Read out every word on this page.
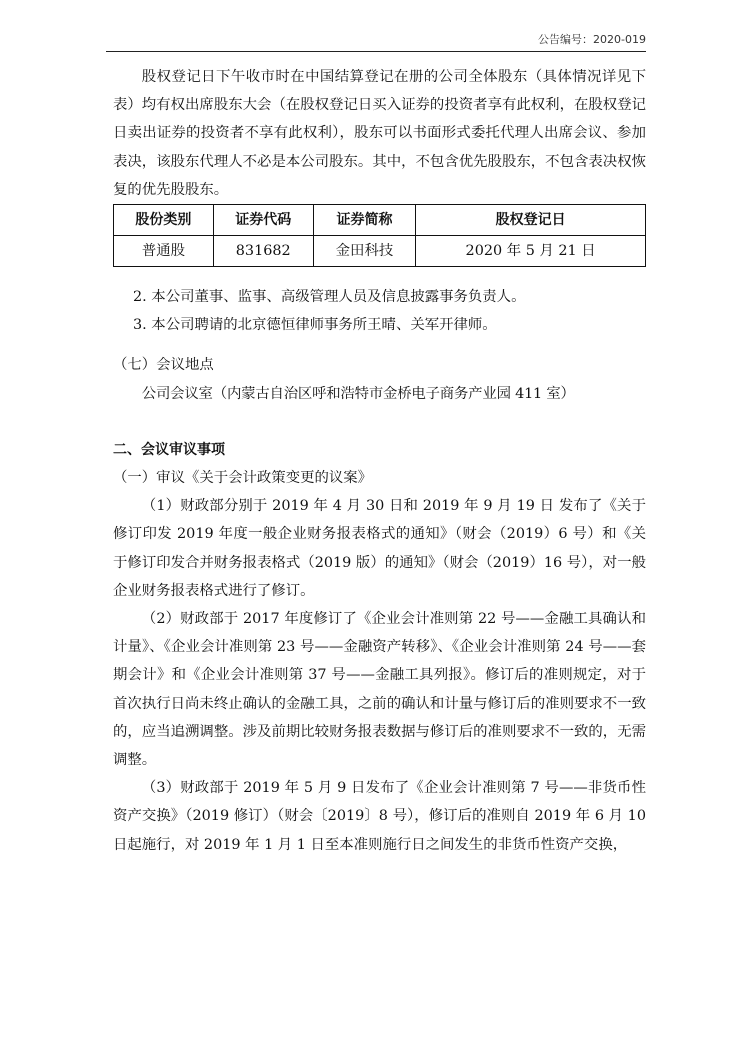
公告编号：2020-019

股权登记日下午收市时在中国结算登记在册的公司全体股东（具体情况详见下表）均有权出席股东大会（在股权登记日买入证券的投资者享有此权利，在股权登记日卖出证券的投资者不享有此权利），股东可以书面形式委托代理人出席会议、参加表决，该股东代理人不必是本公司股东。其中，不包含优先股股东，不包含表决权恢复的优先股股东。

股份类别	证券代码	证券简称	股权登记日
普通股	831682	金田科技	2020 年 5 月 21 日

2. 本公司董事、监事、高级管理人员及信息披露事务负责人。

3. 本公司聘请的北京德恒律师事务所王晴、关军开律师。

（七）会议地点

公司会议室（内蒙古自治区呼和浩特市金桥电子商务产业园 411 室）

二、会议审议事项

（一）审议《关于会计政策变更的议案》

（1）财政部分别于 2019 年 4 月 30 日和 2019 年 9 月 19 日 发布了《关于修订印发 2019 年度一般企业财务报表格式的通知》（财会（2019）6 号）和《关于修订印发合并财务报表格式（2019 版）的通知》（财会（2019）16 号），对一般企业财务报表格式进行了修订。

（2）财政部于 2017 年度修订了《企业会计准则第 22 号——金融工具确认和计量》、《企业会计准则第 23 号——金融资产转移》、《企业会计准则第 24 号——套期会计》和《企业会计准则第 37 号——金融工具列报》。修订后的准则规定，对于首次执行日尚未终止确认的金融工具，之前的确认和计量与修订后的准则要求不一致的，应当追溯调整。涉及前期比较财务报表数据与修订后的准则要求不一致的，无需调整。

（3）财政部于 2019 年 5 月 9 日发布了《企业会计准则第 7 号——非货币性资产交换》（2019 修订）（财会〔2019〕8 号），修订后的准则自 2019 年 6 月 10 日起施行，对 2019 年 1 月 1 日至本准则施行日之间发生的非货币性资产交换，
